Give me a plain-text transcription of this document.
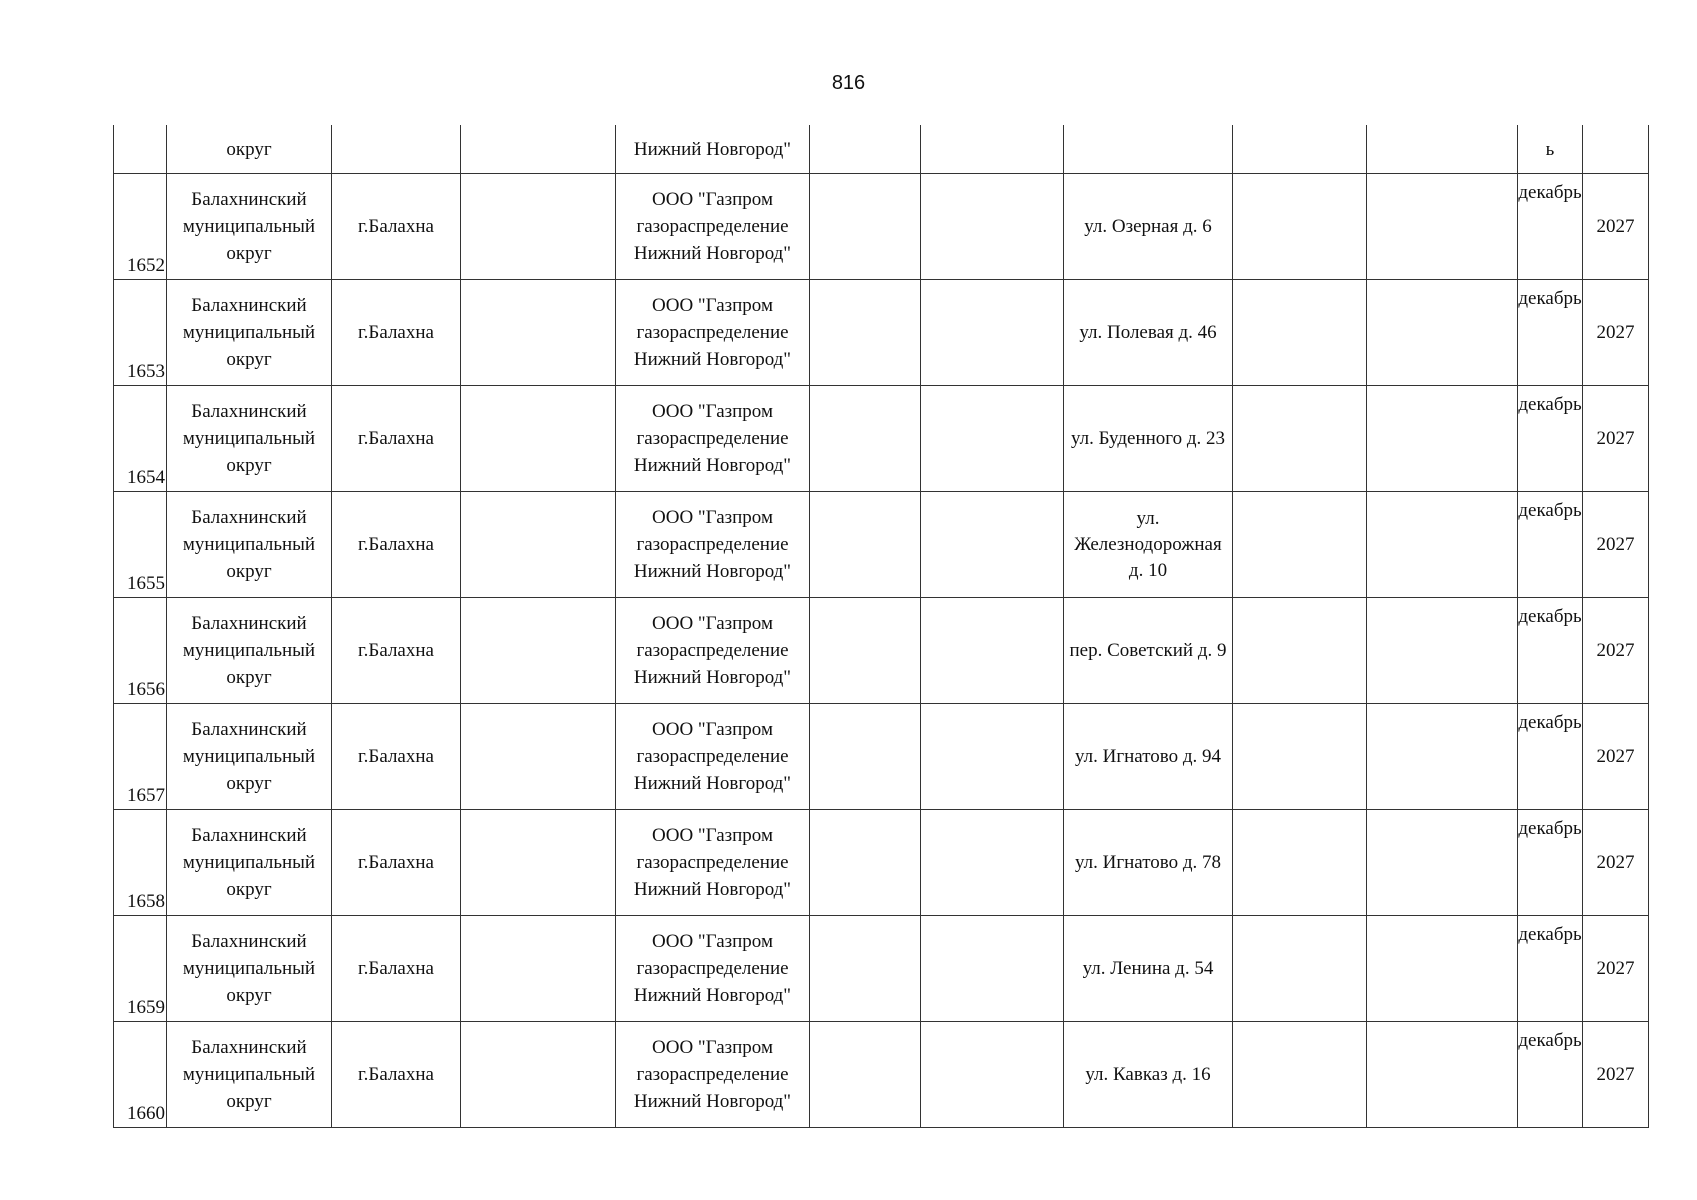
816
	округ			Нижний Новгород"						ь	
1652	Балахнинский муниципальный округ	г.Балахна		ООО "Газпром газораспределение Нижний Новгород"			ул. Озерная д. 6			декабрь	2027
1653	Балахнинский муниципальный округ	г.Балахна		ООО "Газпром газораспределение Нижний Новгород"			ул. Полевая д. 46			декабрь	2027
1654	Балахнинский муниципальный округ	г.Балахна		ООО "Газпром газораспределение Нижний Новгород"			ул. Буденного д. 23			декабрь	2027
1655	Балахнинский муниципальный округ	г.Балахна		ООО "Газпром газораспределение Нижний Новгород"			ул. Железнодорожная д. 10			декабрь	2027
1656	Балахнинский муниципальный округ	г.Балахна		ООО "Газпром газораспределение Нижний Новгород"			пер. Советский д. 9			декабрь	2027
1657	Балахнинский муниципальный округ	г.Балахна		ООО "Газпром газораспределение Нижний Новгород"			ул. Игнатово д. 94			декабрь	2027
1658	Балахнинский муниципальный округ	г.Балахна		ООО "Газпром газораспределение Нижний Новгород"			ул. Игнатово д. 78			декабрь	2027
1659	Балахнинский муниципальный округ	г.Балахна		ООО "Газпром газораспределение Нижний Новгород"			ул. Ленина д. 54			декабрь	2027
1660	Балахнинский муниципальный округ	г.Балахна		ООО "Газпром газораспределение Нижний Новгород"			ул. Кавказ д. 16			декабрь	2027
